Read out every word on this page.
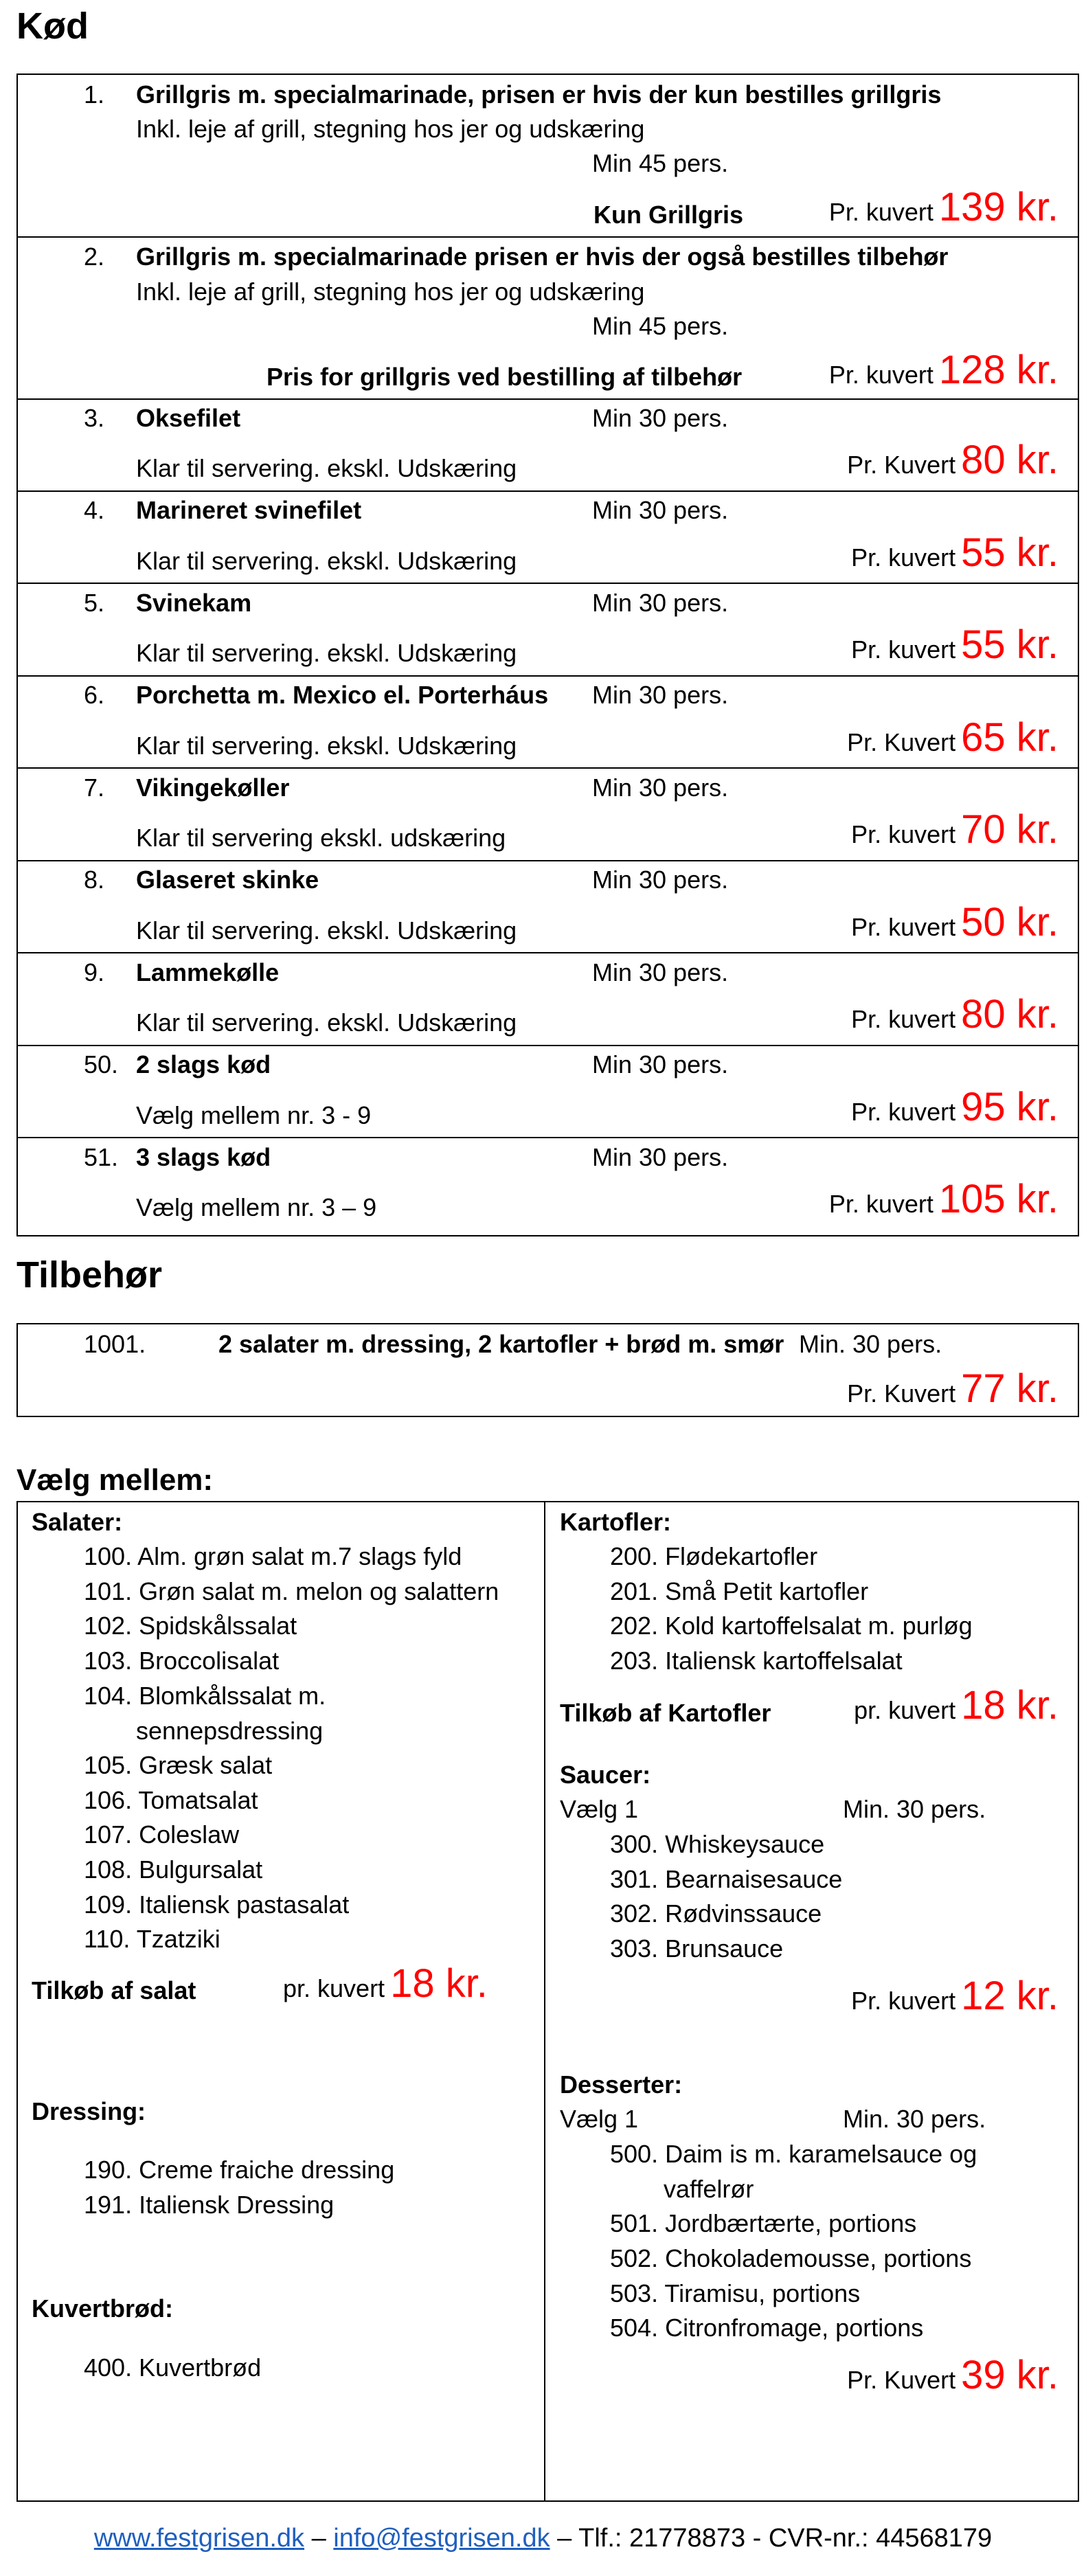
Kød
1. Grillgris m. specialmarinade, prisen er hvis der kun bestilles grillgris
Inkl. leje af grill, stegning hos jer og udskæring
Min 45 pers.
Kun Grillgris	Pr. kuvert 139 kr.
2. Grillgris m. specialmarinade prisen er hvis der også bestilles tilbehør
Inkl. leje af grill, stegning hos jer og udskæring
Min 45 pers.
Pris for grillgris ved bestilling af tilbehør	Pr. kuvert 128 kr.
3. Oksefilet	Min 30 pers.
Klar til servering. ekskl. Udskæring	Pr. Kuvert 80 kr.
4. Marineret svinefilet	Min 30 pers.
Klar til servering. ekskl. Udskæring	Pr. kuvert 55 kr.
5. Svinekam	Min 30 pers.
Klar til servering. ekskl. Udskæring	Pr. kuvert 55 kr.
6. Porchetta m. Mexico el. Porterháus Min 30 pers.
Klar til servering. ekskl. Udskæring	Pr. Kuvert 65 kr.
7. Vikingekøller	Min 30 pers.
Klar til servering ekskl. udskæring	Pr. kuvert 70 kr.
8. Glaseret skinke	Min 30 pers.
Klar til servering. ekskl. Udskæring	Pr. kuvert 50 kr.
9. Lammekølle	Min 30 pers.
Klar til servering. ekskl. Udskæring	Pr. kuvert 80 kr.
50. 2 slags kød	Min 30 pers.
Vælg mellem nr. 3 - 9	Pr. kuvert 95 kr.
51. 3 slags kød	Min 30 pers.
Vælg mellem nr. 3 – 9	Pr. kuvert 105 kr.
Tilbehør
1001.	2 salater m. dressing, 2 kartofler + brød m. smør Min. 30 pers.
Pr. Kuvert 77 kr.
Vælg mellem:
Salater:
100. Alm. grøn salat m.7 slags fyld
101. Grøn salat m. melon og salattern
102. Spidskålssalat
103. Broccolisalat
104. Blomkålssalat m.
sennepsdressing
105. Græsk salat
106. Tomatsalat
107. Coleslaw
108. Bulgursalat
109. Italiensk pastasalat
110. Tzatziki
Tilkøb af salat	pr. kuvert 18 kr.
Dressing:
190. Creme fraiche dressing
191. Italiensk Dressing
Kuvertbrød:
400. Kuvertbrød
Kartofler:
200. Flødekartofler
201. Små Petit kartofler
202. Kold kartoffelsalat m. purløg
203. Italiensk kartoffelsalat
Tilkøb af Kartofler	pr. kuvert 18 kr.
Saucer:
Vælg 1	Min. 30 pers.
300. Whiskeysauce
301. Bearnaisesauce
302. Rødvinssauce
303. Brunsauce
Pr. kuvert 12 kr.
Desserter:
Vælg 1	Min. 30 pers.
500. Daim is m. karamelsauce og
vaffelrør
501. Jordbærtærte, portions
502. Chokolademousse, portions
503. Tiramisu, portions
504. Citronfromage, portions
Pr. Kuvert 39 kr.
www.festgrisen.dk – info@festgrisen.dk – Tlf.: 21778873 - CVR-nr.: 44568179
